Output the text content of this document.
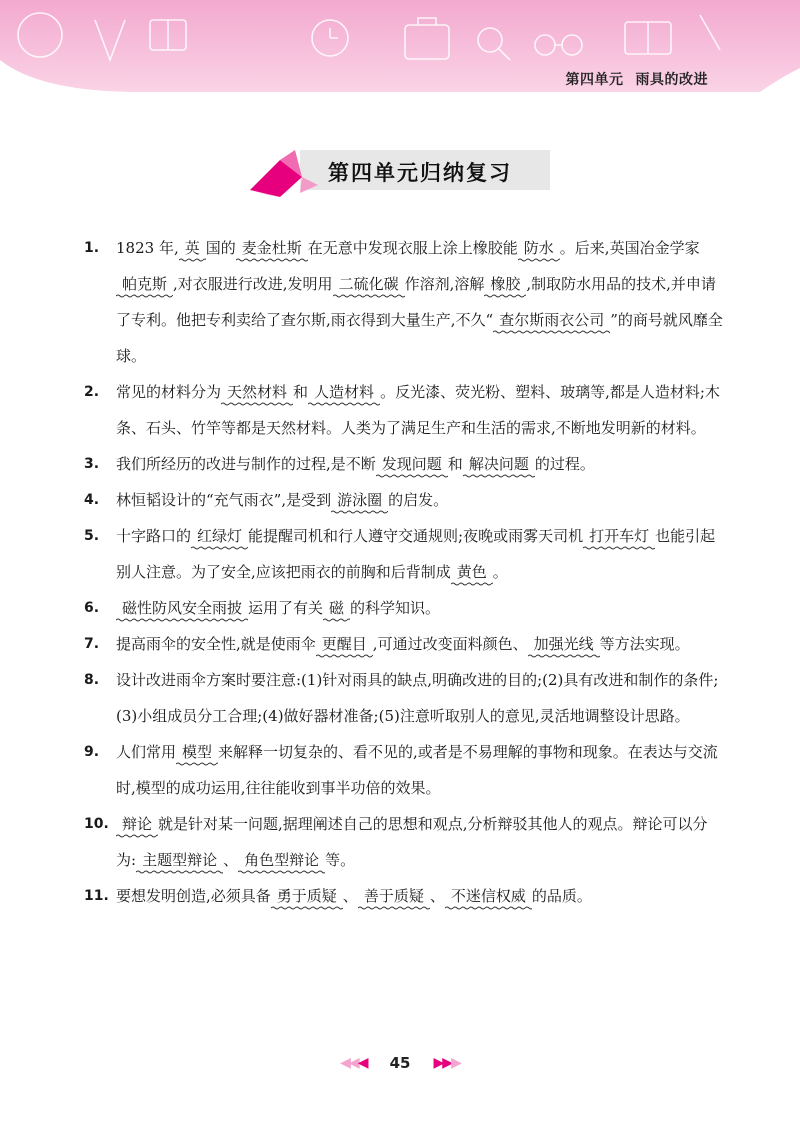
第四单元 雨具的改进
第四单元归纳复习
1. 1823 年, 英 国的 麦金杜斯 在无意中发现衣服上涂上橡胶能 防水 。后来,英国冶金学家帕克斯 ,对衣服进行改进,发明用 二硫化碳 作溶剂,溶解 橡胶 ,制取防水用品的技术,并申请了专利。他把专利卖给了查尔斯,雨衣得到大量生产,不久“ 查尔斯雨衣公司 ”的商号就风靡全球。
2. 常见的材料分为 天然材料 和 人造材料 。反光漆、荧光粉、塑料、玻璃等,都是人造材料;木条、石头、竹竿等都是天然材料。人类为了满足生产和生活的需求,不断地发明新的材料。
3. 我们所经历的改进与制作的过程,是不断 发现问题 和 解决问题 的过程。
4. 林恒韬设计的“充气雨衣”,是受到 游泳圈 的启发。
5. 十字路口的 红绿灯 能提醒司机和行人遵守交通规则;夜晚或雨雾天司机 打开车灯 也能引起别人注意。为了安全,应该把雨衣的前胸和后背制成 黄色 。
6. 磁性防风安全雨披 运用了有关 磁 的科学知识。
7. 提高雨伞的安全性,就是使雨伞 更醒目 ,可通过改变面料颜色、 加强光线 等方法实现。
8. 设计改进雨伞方案时要注意:(1)针对雨具的缺点,明确改进的目的;(2)具有改进和制作的条件;(3)小组成员分工合理;(4)做好器材准备;(5)注意听取别人的意见,灵活地调整设计思路。
9. 人们常用 模型 来解释一切复杂的、看不见的,或者是不易理解的事物和现象。在表达与交流时,模型的成功运用,往往能收到事半功倍的效果。
10. 辩论 就是针对某一问题,据理阐述自己的思想和观点,分析辩驳其他人的观点。辩论可以分为: 主题型辩论 、 角色型辩论 等。
11. 要想发明创造,必须具备 勇于质疑 、 善于质疑 、 不迷信权威 的品质。
◀◀◀ 45 ▶▶▶
